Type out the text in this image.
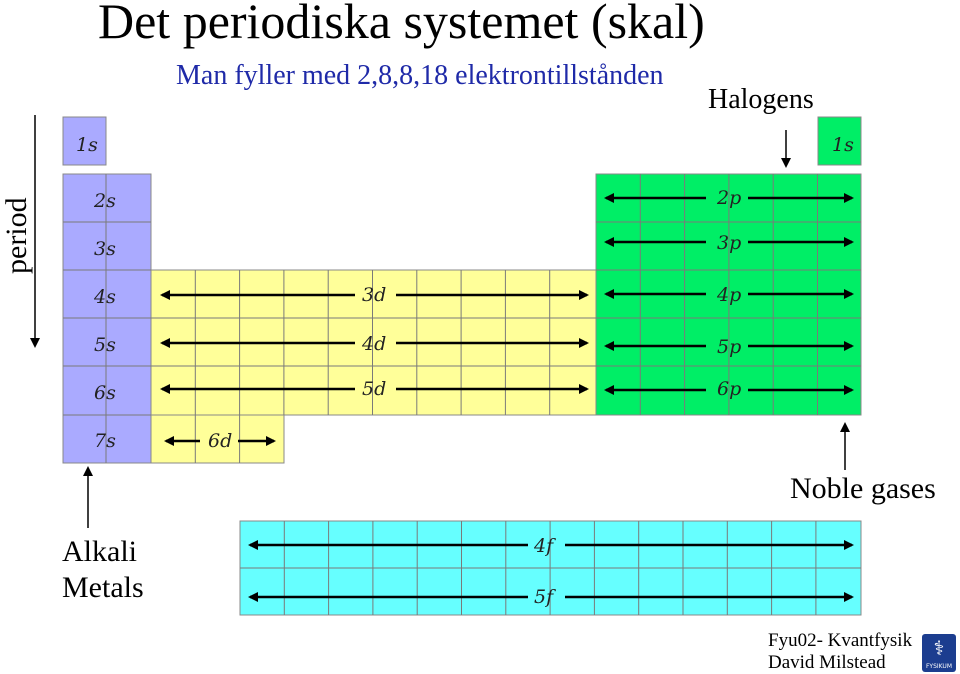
Det periodiska systemet (skal)
Man fyller med 2,8,8,18 elektrontillstånden
1s
2s
3s
4s
5s
6s
7s
1s
2p
3p
4p
5p
6p
3d
4d
5d
6d
4f
5f
period
Halogens
Noble gases
Alkali
Metals
Fyu02- Kvantfysik
David Milstead
⚕
FYSIKUM
